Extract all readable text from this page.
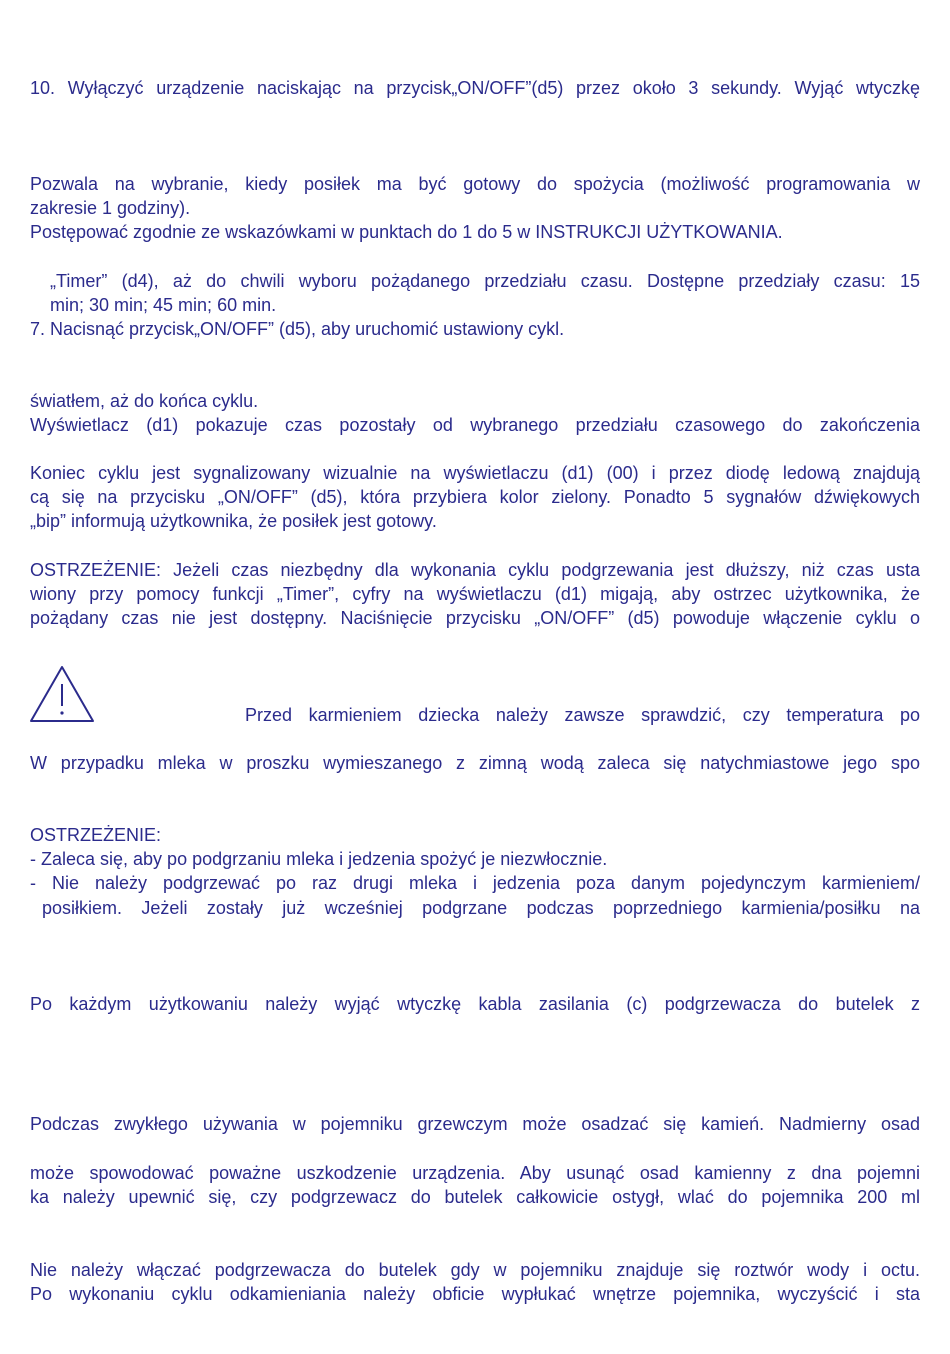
10. Wyłączyć urządzenie naciskając na przycisk„ON/OFF”(d5) przez około 3 sekundy. Wyjąć wtyczkę
Pozwala na wybranie, kiedy posiłek ma być gotowy do spożycia (możliwość programowania w
zakresie 1 godziny).
Postępować zgodnie ze wskazówkami w punktach do 1 do 5 w INSTRUKCJI UŻYTKOWANIA.
„Timer” (d4), aż do chwili wyboru pożądanego przedziału czasu. Dostępne przedziały czasu: 15
min; 30 min; 45 min; 60 min.
7. Nacisnąć przycisk„ON/OFF” (d5), aby uruchomić ustawiony cykl.
światłem, aż do końca cyklu.
Wyświetlacz (d1) pokazuje czas pozostały od wybranego przedziału czasowego do zakończenia
Koniec cyklu jest sygnalizowany wizualnie na wyświetlaczu (d1) (00) i przez diodę ledową znajdują
cą się na przycisku „ON/OFF” (d5), która przybiera kolor zielony. Ponadto 5 sygnałów dźwiękowych
„bip” informują użytkownika, że posiłek jest gotowy.
OSTRZEŻENIE: Jeżeli czas niezbędny dla wykonania cyklu podgrzewania jest dłuższy, niż czas usta
wiony przy pomocy funkcji „Timer”, cyfry na wyświetlaczu (d1) migają, aby ostrzec użytkownika, że
pożądany czas nie jest dostępny. Naciśnięcie przycisku „ON/OFF” (d5) powoduje włączenie cyklu o
Przed karmieniem dziecka należy zawsze sprawdzić, czy temperatura po
W przypadku mleka w proszku wymieszanego z zimną wodą zaleca się natychmiastowe jego spo
OSTRZEŻENIE:
- Zaleca się, aby po podgrzaniu mleka i jedzenia spożyć je niezwłocznie.
- Nie należy podgrzewać po raz drugi mleka i jedzenia poza danym pojedynczym karmieniem/
posiłkiem. Jeżeli zostały już wcześniej podgrzane podczas poprzedniego karmienia/posiłku na
Po każdym użytkowaniu należy wyjąć wtyczkę kabla zasilania (c) podgrzewacza do butelek z
Podczas zwykłego używania w pojemniku grzewczym może osadzać się kamień. Nadmierny osad
może spowodować poważne uszkodzenie urządzenia. Aby usunąć osad kamienny z dna pojemni
ka należy upewnić się, czy podgrzewacz do butelek całkowicie ostygł, wlać do pojemnika 200 ml
Nie należy włączać podgrzewacza do butelek gdy w pojemniku znajduje się roztwór wody i octu.
Po wykonaniu cyklu odkamieniania należy obficie wypłukać wnętrze pojemnika, wyczyścić i sta
